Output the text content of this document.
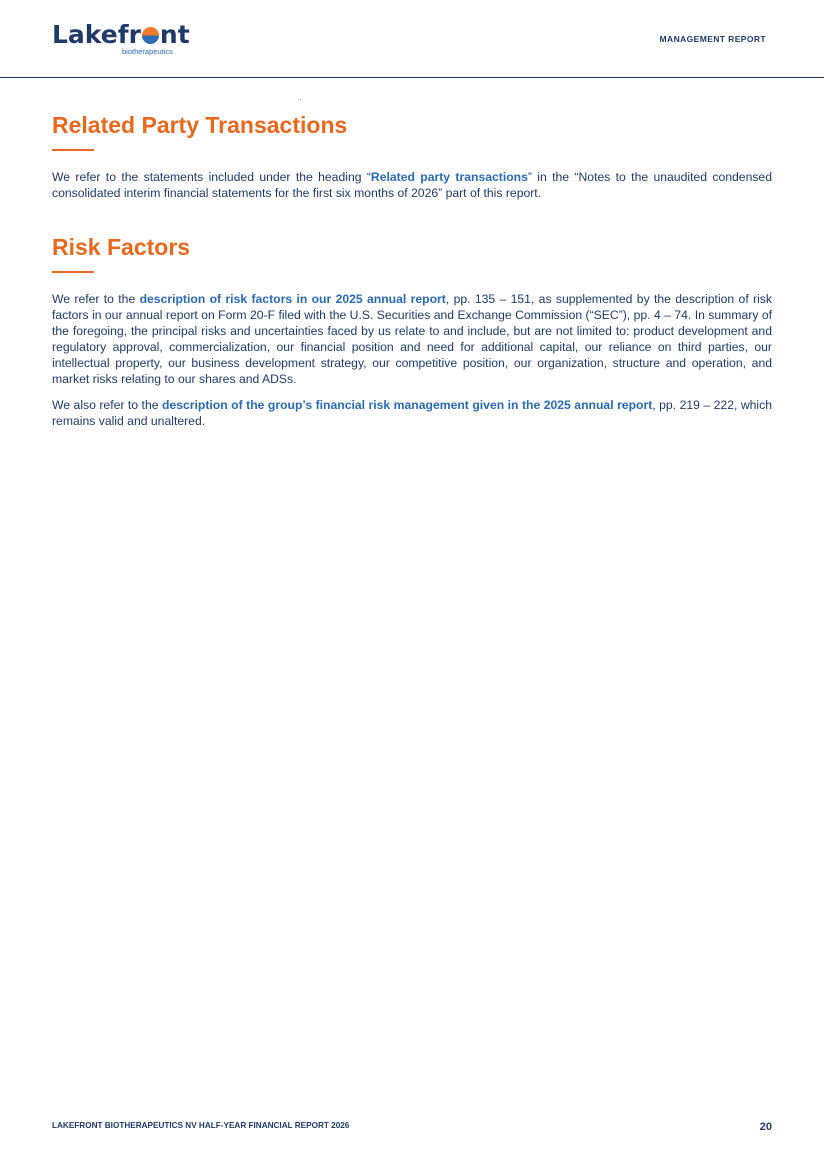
Lakefr nt
biotherapeutics
MANAGEMENT REPORT
Related Party Transactions

We refer to the statements included under the heading “Related party transactions” in the “Notes to the unaudited condensed consolidated interim financial statements for the first six months of 2026” part of this report.

Risk Factors

We refer to the description of risk factors in our 2025 annual report, pp. 135 – 151, as supplemented by the description of risk factors in our annual report on Form 20-F filed with the U.S. Securities and Exchange Commission (“SEC”), pp. 4 – 74. In summary of the foregoing, the principal risks and uncertainties faced by us relate to and include, but are not limited to: product development and regulatory approval, commercialization, our financial position and need for additional capital, our reliance on third parties, our intellectual property, our business development strategy, our competitive position, our organization, structure and operation, and market risks relating to our shares and ADSs.

We also refer to the description of the group’s financial risk management given in the 2025 annual report, pp. 219 – 222, which remains valid and unaltered.

LAKEFRONT BIOTHERAPEUTICS NV HALF-YEAR FINANCIAL REPORT 2026	20
